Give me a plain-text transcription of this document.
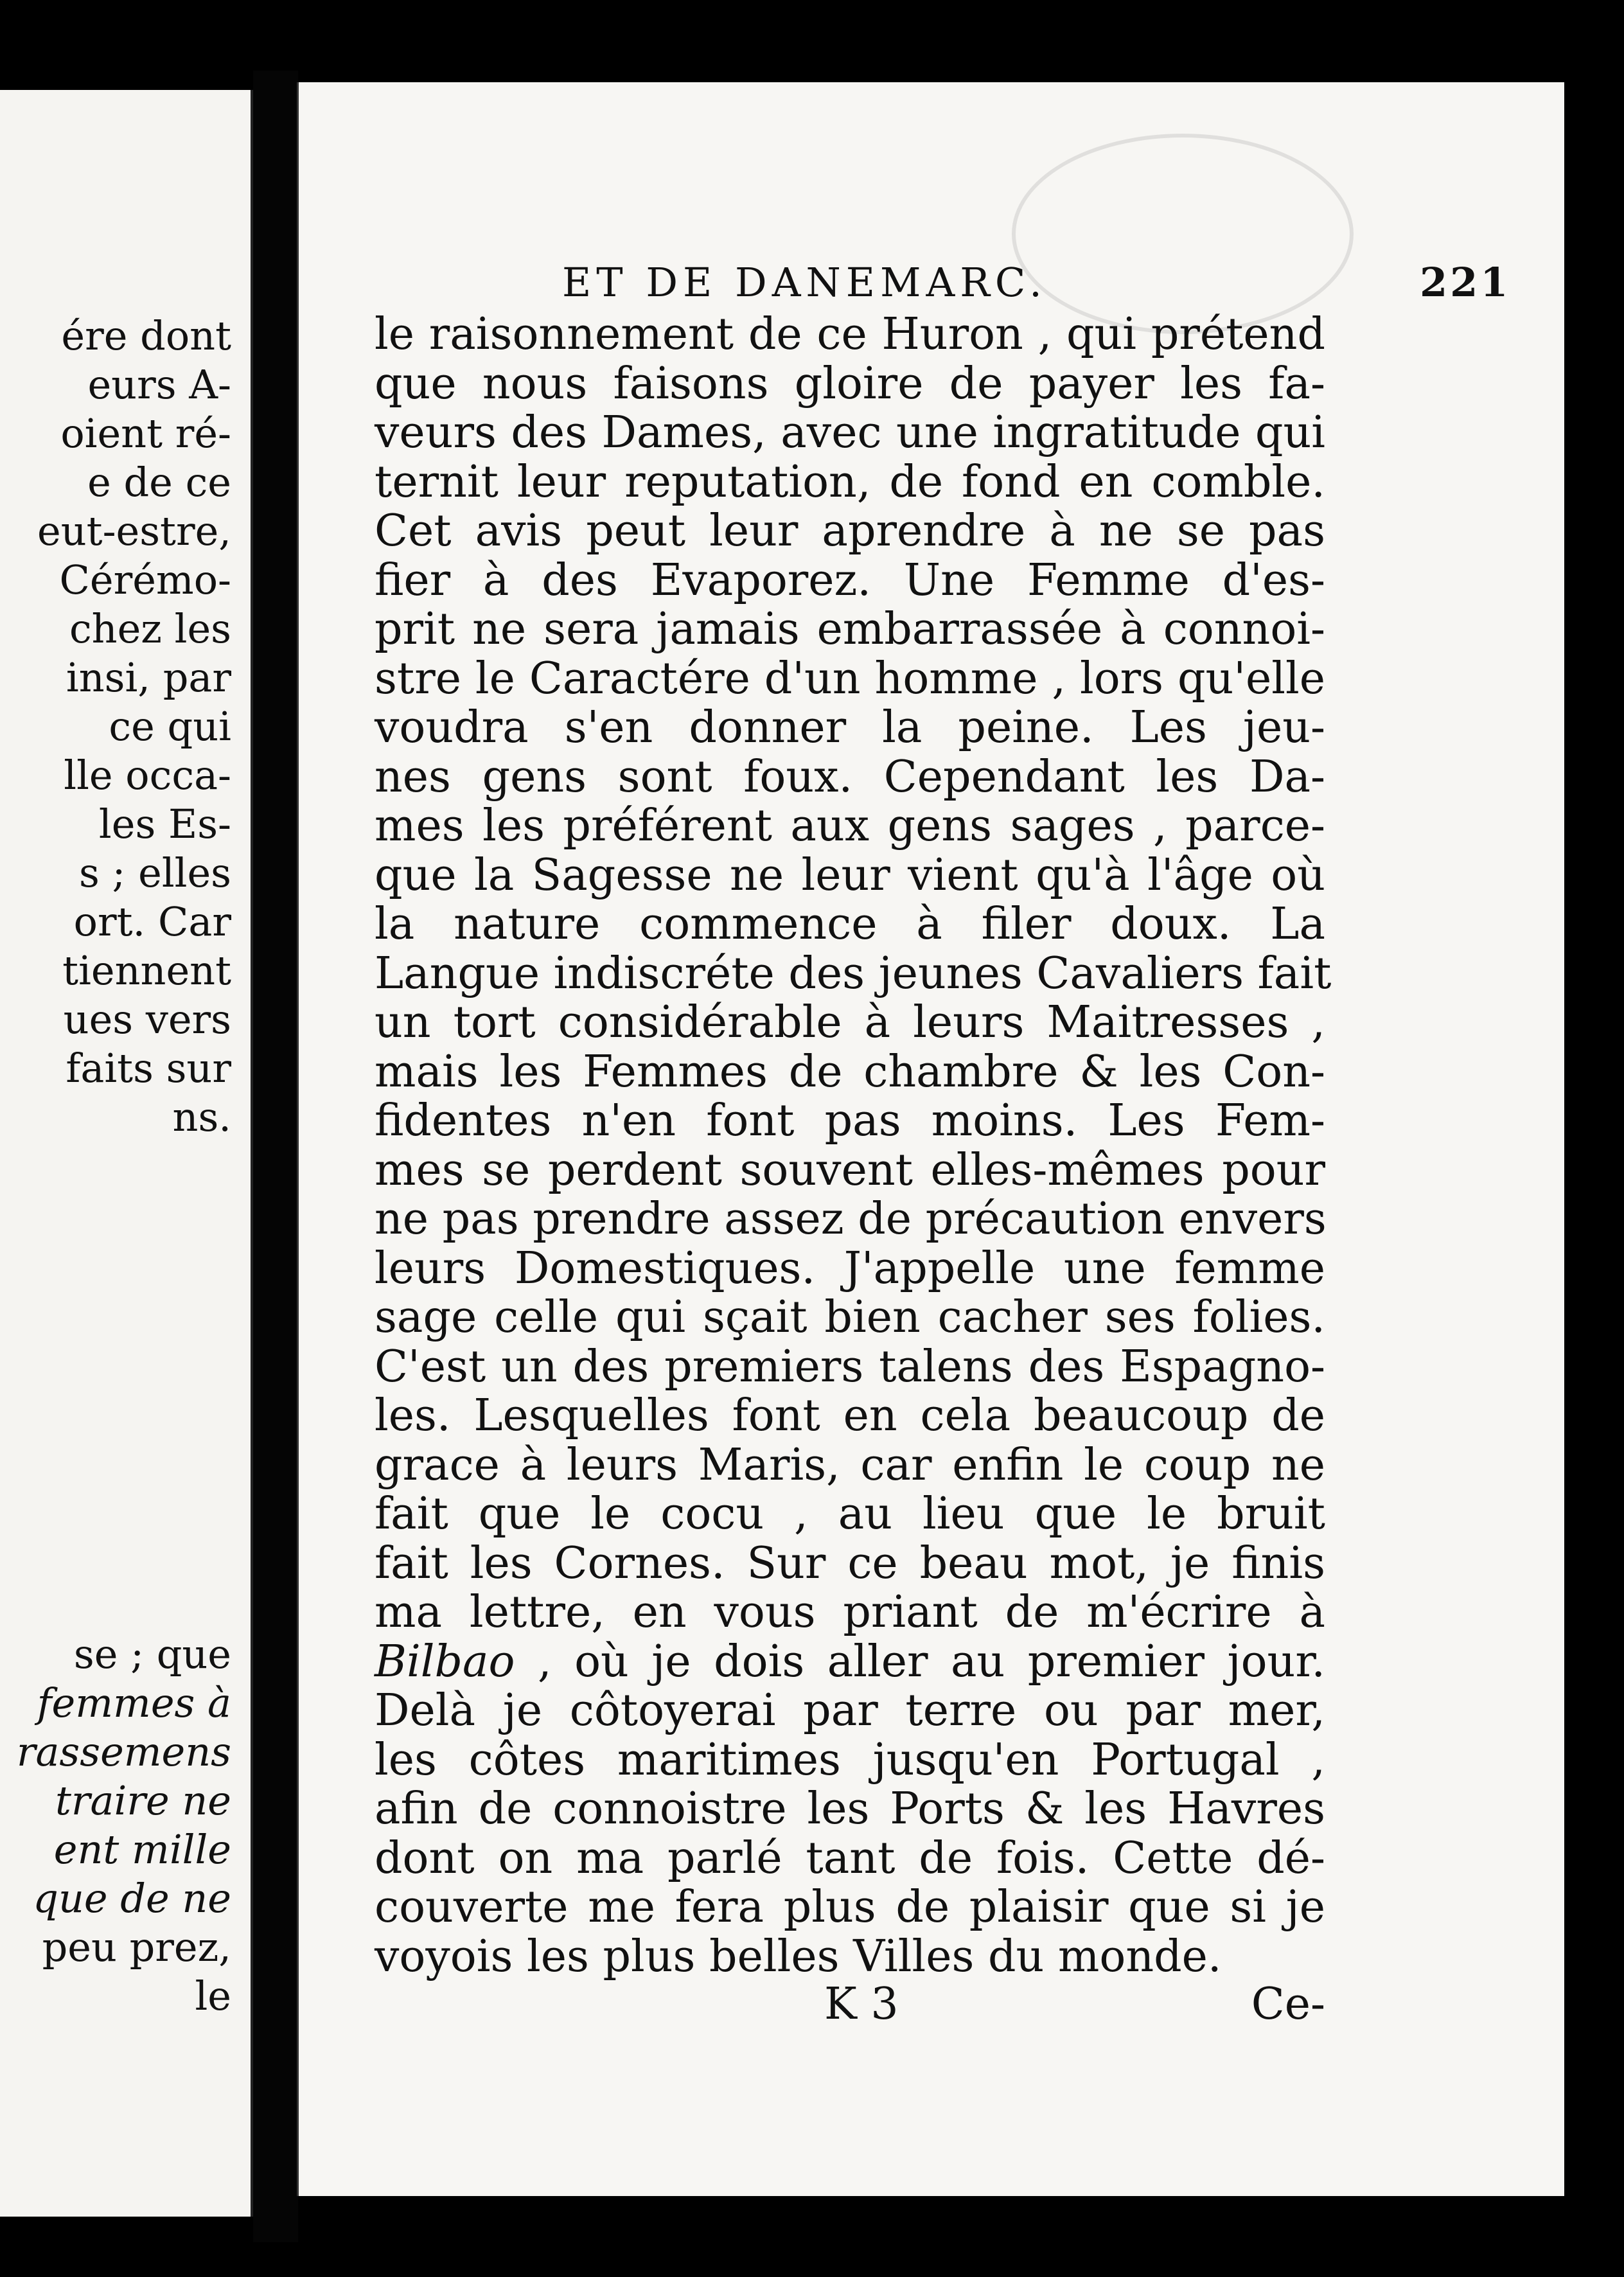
ére dont
eurs A-
oient ré-
e de ce
eut-estre,
Cérémo-
chez les
insi, par
ce qui
lle occa-
les Es-
s ; elles
ort. Car
tiennent
ues vers
faits sur
ns.

se ; que
femmes à
rassemens
traire ne
ent mille
que de ne
peu prez,
le
ET DE DANEMARC.	221
le raisonnement de ce Huron , qui prétend
que nous faisons gloire de payer les fa-
veurs des Dames, avec une ingratitude qui
ternit leur reputation, de fond en comble.
Cet avis peut leur aprendre à ne se pas
fier à des Evaporez. Une Femme d'es-
prit ne sera jamais embarrassée à connoi-
stre le Caractére d'un homme , lors qu'elle
voudra s'en donner la peine. Les jeu-
nes gens sont foux. Cependant les Da-
mes les préférent aux gens sages , parce-
que la Sagesse ne leur vient qu'à l'âge où
la nature commence à filer doux. La
Langue indiscréte des jeunes Cavaliers fait
un tort considérable à leurs Maitresses ,
mais les Femmes de chambre & les Con-
fidentes n'en font pas moins. Les Fem-
mes se perdent souvent elles-mêmes pour
ne pas prendre assez de précaution envers
leurs Domestiques. J'appelle une femme
sage celle qui sçait bien cacher ses folies.
C'est un des premiers talens des Espagno-
les. Lesquelles font en cela beaucoup de
grace à leurs Maris, car enfin le coup ne
fait que le cocu , au lieu que le bruit
fait les Cornes. Sur ce beau mot, je finis
ma lettre, en vous priant de m'écrire à
Bilbao , où je dois aller au premier jour.
Delà je côtoyerai par terre ou par mer,
les côtes maritimes jusqu'en Portugal ,
afin de connoistre les Ports & les Havres
dont on ma parlé tant de fois. Cette dé-
couverte me fera plus de plaisir que si je
voyois les plus belles Villes du monde.
K 3	Ce-
